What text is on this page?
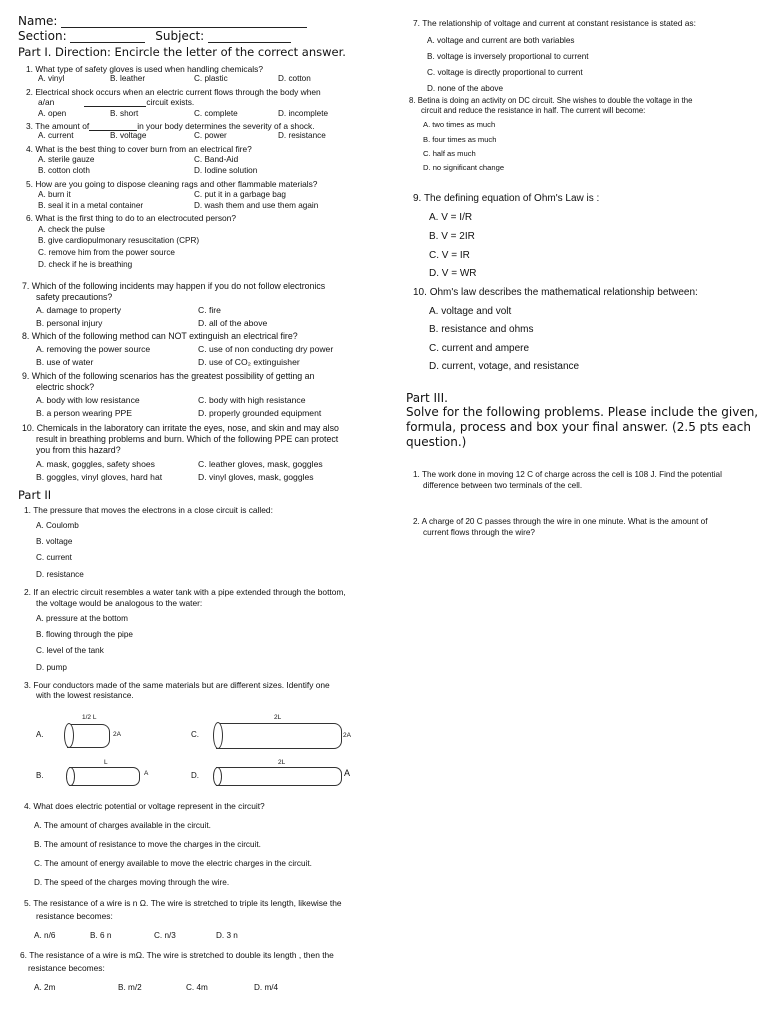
Name:
Section:	Subject:
Part I. Direction: Encircle the letter of the correct answer.
1. What type of safety gloves is used when handling chemicals?
A. vinyl	B. leather	C. plastic	D. cotton
2. Electrical shock occurs when an electric current flows through the body when
a/an	circuit exists.
A. open	B. short	C. complete	D. incomplete
3. The amount of	in your body determines the severity of a shock.
A. current	B. voltage	C. power	D. resistance
4. What is the best thing to cover burn from an electrical fire?
A. sterile gauze	C. Band-Aid
B. cotton cloth	D. Iodine solution
5. How are you going to dispose cleaning rags and other flammable materials?
A. burn it	C. put it in a garbage bag
B. seal it in a metal container	D. wash them and use them again
6. What is the first thing to do to an electrocuted person?
A. check the pulse
B. give cardiopulmonary resuscitation (CPR)
C. remove him from the power source
D. check if he is breathing
7. Which of the following incidents may happen if you do not follow electronics
safety precautions?
A. damage to property	C. fire
B. personal injury	D. all of the above
8. Which of the following method can NOT extinguish an electrical fire?
A. removing the power source	C. use of non conducting dry power
B. use of water	D. use of CO₂ extinguisher
9. Which of the following scenarios has the greatest possibility of getting an
electric shock?
A. body with low resistance	C. body with high resistance
B. a person wearing PPE	D. properly grounded equipment
10. Chemicals in the laboratory can irritate the eyes, nose, and skin and may also
result in breathing problems and burn. Which of the following PPE can protect
you from this hazard?
A. mask, goggles, safety shoes	C. leather gloves, mask, goggles
B. goggles, vinyl gloves, hard hat	D. vinyl gloves, mask, goggles
Part II
1. The pressure that moves the electrons in a close circuit is called:
A. Coulomb
B. voltage
C. current
D. resistance
2. If an electric circuit resembles a water tank with a pipe extended through the bottom,
the voltage would be analogous to the water:
A. pressure at the bottom
B. flowing through the pipe
C. level of the tank
D. pump
3. Four conductors made of the same materials but are different sizes. Identify one
with the lowest resistance.
A.
1/2 L
2A	C.
2L
2A
B.
L
A	D.
2L
A
4. What does electric potential or voltage represent in the circuit?
A. The amount of charges available in the circuit.
B. The amount of resistance to move the charges in the circuit.
C. The amount of energy available to move the electric charges in the circuit.
D. The speed of the charges moving through the wire.
5. The resistance of a wire is n Ω. The wire is stretched to triple its length, likewise the
resistance becomes:
A. n/6	B. 6 n	C. n/3	D. 3 n
6. The resistance of a wire is mΩ. The wire is stretched to double its length , then the
resistance becomes:
A. 2m	B. m/2	C. 4m	D. m/4
7. The relationship of voltage and current at constant resistance is stated as:
A. voltage and current are both variables
B. voltage is inversely proportional to current
C. voltage is directly proportional to current
D. none of the above
8. Betina is doing an activity on DC circuit. She wishes to double the voltage in the
circuit and reduce the resistance in half. The current will become:
A. two times as much
B. four times as much
C. half as much
D. no significant change
9. The defining equation of Ohm's Law is :
A. V = I/R
B. V = 2IR
C. V = IR
D. V = WR
10. Ohm's law describes the mathematical relationship between:
A. voltage and volt
B. resistance and ohms
C. current and ampere
D. current, votage, and resistance
Part III.
Solve for the following problems. Please include the given, formula, process and box your final answer. (2.5 pts each question.)
1. The work done in moving 12 C of charge across the cell is 108 J. Find the potential
difference between two terminals of the cell.
2. A charge of 20 C passes through the wire in one minute. What is the amount of
current flows through the wire?
